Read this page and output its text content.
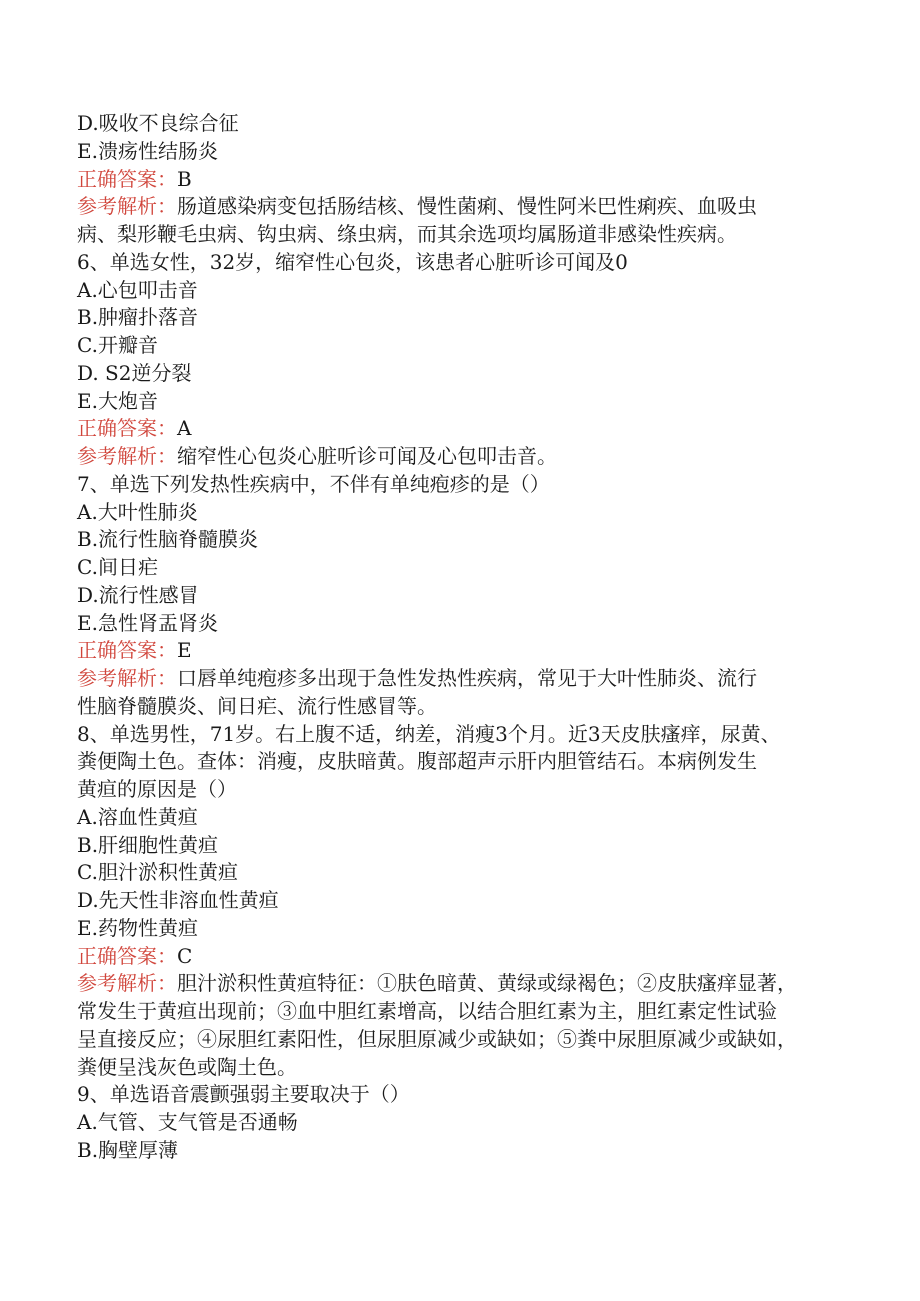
D.吸收不良综合征
E.溃疡性结肠炎
正确答案：B
参考解析：肠道感染病变包括肠结核、慢性菌痢、慢性阿米巴性痢疾、血吸虫
病、梨形鞭毛虫病、钩虫病、绦虫病，而其余选项均属肠道非感染性疾病。
6、单选女性，32岁，缩窄性心包炎，该患者心脏听诊可闻及0
A.心包叩击音
B.肿瘤扑落音
C.开瓣音
D. S2逆分裂
E.大炮音
正确答案：A
参考解析：缩窄性心包炎心脏听诊可闻及心包叩击音。
7、单选下列发热性疾病中，不伴有单纯疱疹的是（）
A.大叶性肺炎
B.流行性脑脊髓膜炎
C.间日疟
D.流行性感冒
E.急性肾盂肾炎
正确答案：E
参考解析：口唇单纯疱疹多出现于急性发热性疾病，常见于大叶性肺炎、流行
性脑脊髓膜炎、间日疟、流行性感冒等。
8、单选男性，71岁。右上腹不适，纳差，消瘦3个月。近3天皮肤瘙痒，尿黄、
粪便陶土色。查体：消瘦，皮肤暗黄。腹部超声示肝内胆管结石。本病例发生
黄疸的原因是（）
A.溶血性黄疸
B.肝细胞性黄疸
C.胆汁淤积性黄疸
D.先天性非溶血性黄疸
E.药物性黄疸
正确答案：C
参考解析：胆汁淤积性黄疸特征：①肤色暗黄、黄绿或绿褐色；②皮肤瘙痒显著，
常发生于黄疸出现前；③血中胆红素增高，以结合胆红素为主，胆红素定性试验
呈直接反应；④尿胆红素阳性，但尿胆原减少或缺如；⑤粪中尿胆原减少或缺如，
粪便呈浅灰色或陶土色。
9、单选语音震颤强弱主要取决于（）
A.气管、支气管是否通畅
B.胸壁厚薄
